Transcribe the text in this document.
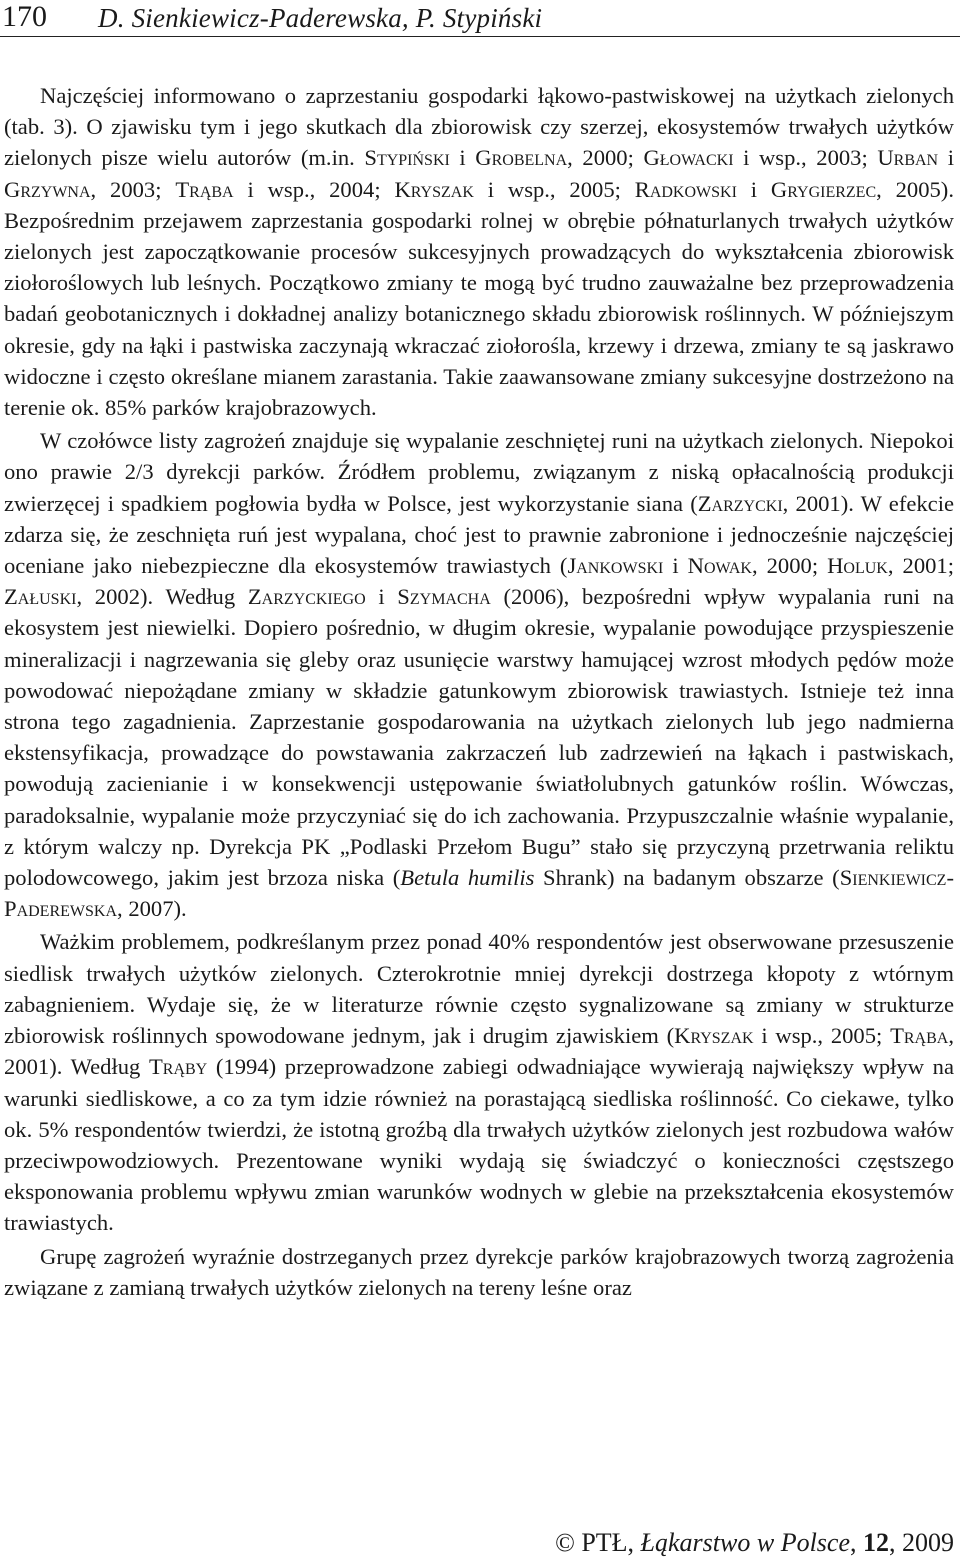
170 D. Sienkiewicz-Paderewska, P. Stypiński

Najczęściej informowano o zaprzestaniu gospodarki łąkowo-pastwiskowej na użytkach zielonych (tab. 3). O zjawisku tym i jego skutkach dla zbiorowisk czy szerzej, ekosystemów trwałych użytków zielonych pisze wielu autorów (m.in. Stypiński i Grobelna, 2000; Głowacki i wsp., 2003; Urban i Grzywna, 2003; Trąba i wsp., 2004; Kryszak i wsp., 2005; Radkowski i Grygierzec, 2005). Bezpośrednim przejawem zaprzestania gospodarki rolnej w obrębie półnaturlanych trwałych użytków zielonych jest zapoczątkowanie procesów sukcesyjnych prowadzących do wykształcenia zbiorowisk ziołoroślowych lub leśnych. Początkowo zmiany te mogą być trudno zauważalne bez przeprowadzenia badań geobotanicznych i dokładnej analizy botanicznego składu zbiorowisk roślinnych. W późniejszym okresie, gdy na łąki i pastwiska zaczynają wkraczać ziołorośla, krzewy i drzewa, zmiany te są jaskrawo widoczne i często określane mianem zarastania. Takie zaawansowane zmiany sukcesyjne dostrzeżono na terenie ok. 85% parków krajobrazowych.

W czołówce listy zagrożeń znajduje się wypalanie zeschniętej runi na użytkach zielonych. Niepokoi ono prawie 2/3 dyrekcji parków. Źródłem problemu, związanym z niską opłacalnością produkcji zwierzęcej i spadkiem pogłowia bydła w Polsce, jest wykorzystanie siana (Zarzycki, 2001). W efekcie zdarza się, że zeschnięta ruń jest wypalana, choć jest to prawnie zabronione i jednocześnie najczęściej oceniane jako niebezpieczne dla ekosystemów trawiastych (Jankowski i Nowak, 2000; Holuk, 2001; Załuski, 2002). Według Zarzyckiego i Szymacha (2006), bezpośredni wpływ wypalania runi na ekosystem jest niewielki. Dopiero pośrednio, w długim okresie, wypalanie powodujące przyspieszenie mineralizacji i nagrzewania się gleby oraz usunięcie warstwy hamującej wzrost młodych pędów może powodować niepożądane zmiany w składzie gatunkowym zbiorowisk trawiastych. Istnieje też inna strona tego zagadnienia. Zaprzestanie gospodarowania na użytkach zielonych lub jego nadmierna ekstensyfikacja, prowadzące do powstawania zakrzaczeń lub zadrzewień na łąkach i pastwiskach, powodują zacienianie i w konsekwencji ustępowanie światłolubnych gatunków roślin. Wówczas, paradoksalnie, wypalanie może przyczyniać się do ich zachowania. Przypuszczalnie właśnie wypalanie, z którym walczy np. Dyrekcja PK „Podlaski Przełom Bugu” stało się przyczyną przetrwania reliktu polodowcowego, jakim jest brzoza niska (Betula humilis Shrank) na badanym obszarze (Sienkiewicz-Paderewska, 2007).

Ważkim problemem, podkreślanym przez ponad 40% respondentów jest obserwowane przesuszenie siedlisk trwałych użytków zielonych. Czterokrotnie mniej dyrekcji dostrzega kłopoty z wtórnym zabagnieniem. Wydaje się, że w literaturze równie często sygnalizowane są zmiany w strukturze zbiorowisk roślinnych spowodowane jednym, jak i drugim zjawiskiem (Kryszak i wsp., 2005; Trąba, 2001). Według Trąby (1994) przeprowadzone zabiegi odwadniające wywierają największy wpływ na warunki siedliskowe, a co za tym idzie również na porastającą siedliska roślinność. Co ciekawe, tylko ok. 5% respondentów twierdzi, że istotną groźbą dla trwałych użytków zielonych jest rozbudowa wałów przeciwpowodziowych. Prezentowane wyniki wydają się świadczyć o konieczności częstszego eksponowania problemu wpływu zmian warunków wodnych w glebie na przekształcenia ekosystemów trawiastych.

Grupę zagrożeń wyraźnie dostrzeganych przez dyrekcje parków krajobrazowych tworzą zagrożenia związane z zamianą trwałych użytków zielonych na tereny leśne oraz

© PTŁ, Łąkarstwo w Polsce, 12, 2009
